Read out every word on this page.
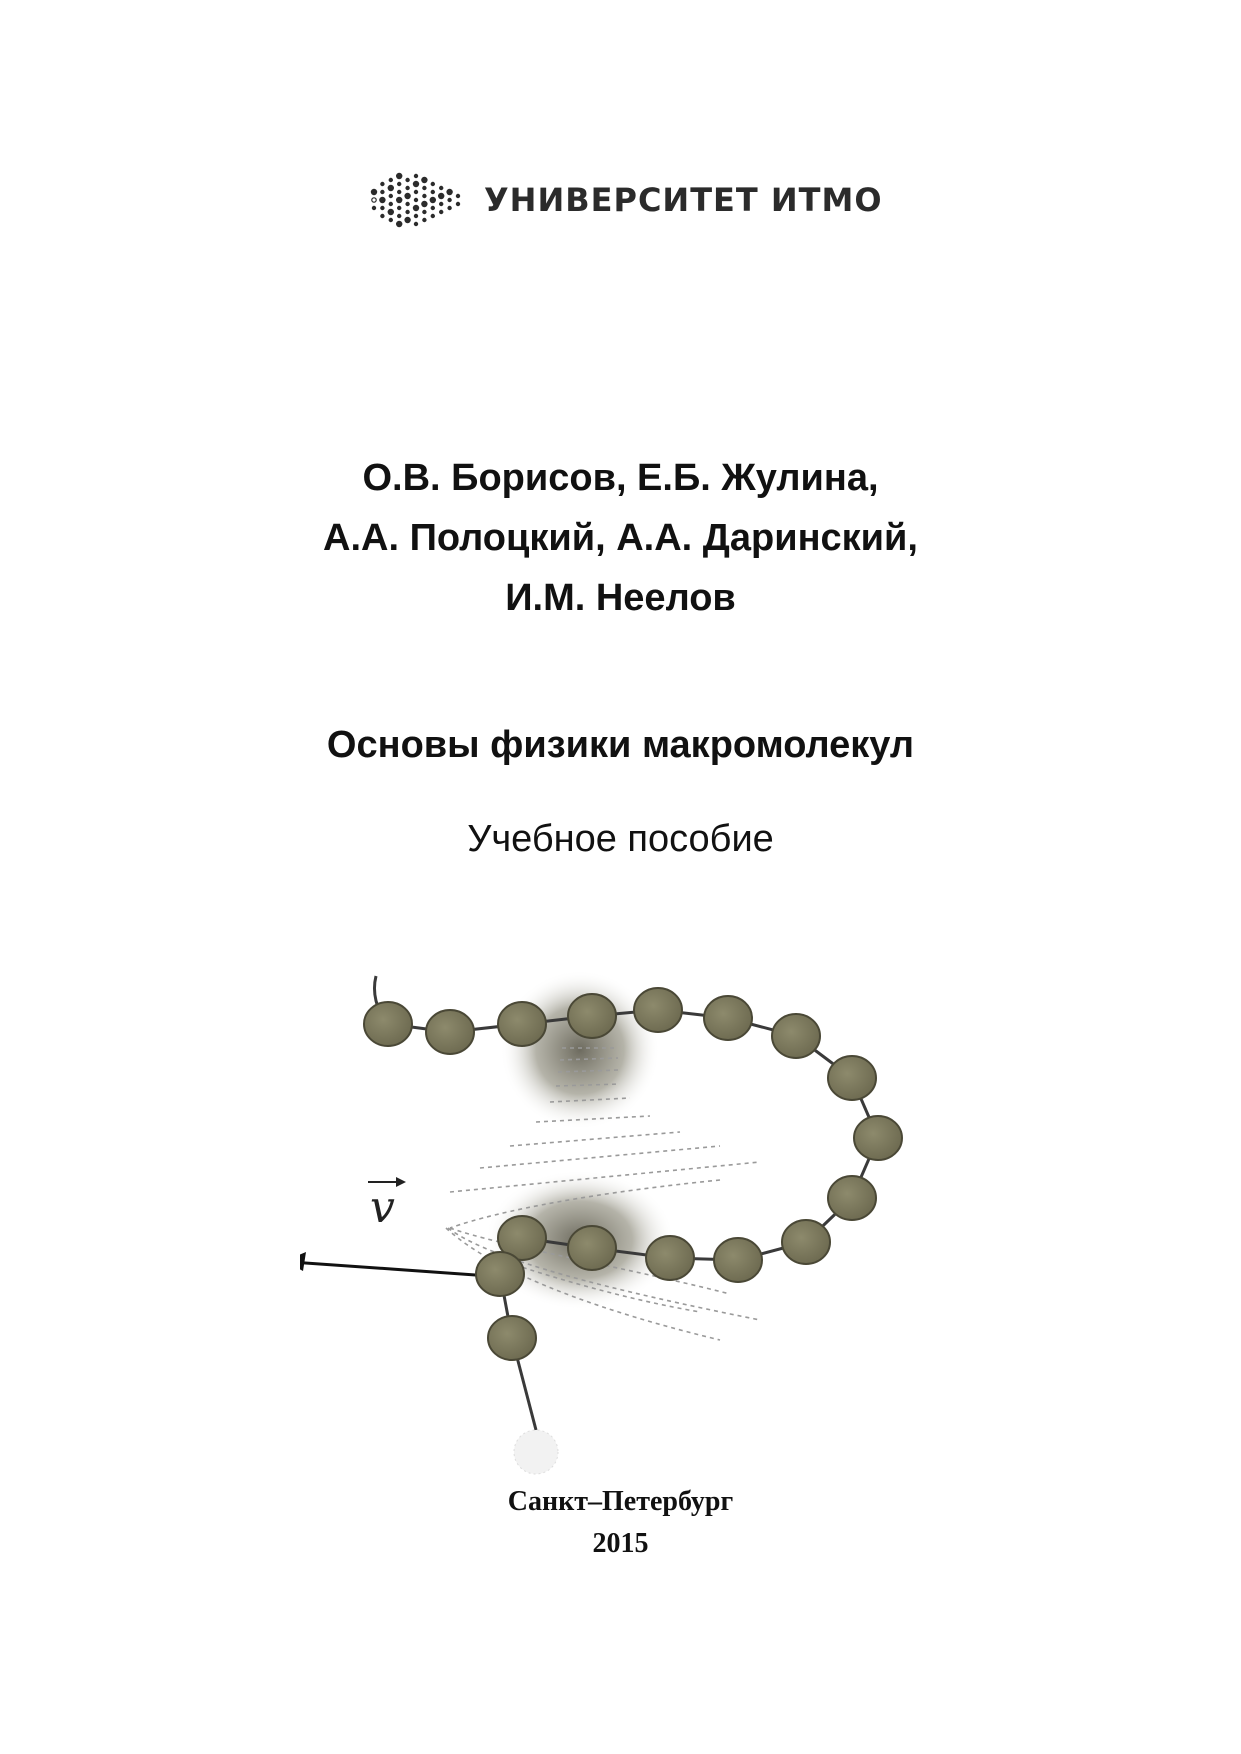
УНИВЕРСИТЕТ ИТМО
О.В. Борисов, Е.Б. Жулина,
А.А. Полоцкий, А.А. Даринский,
И.М. Неелов
Основы физики макромолекул
Учебное пособие
v
Санкт–Петербург
2015
